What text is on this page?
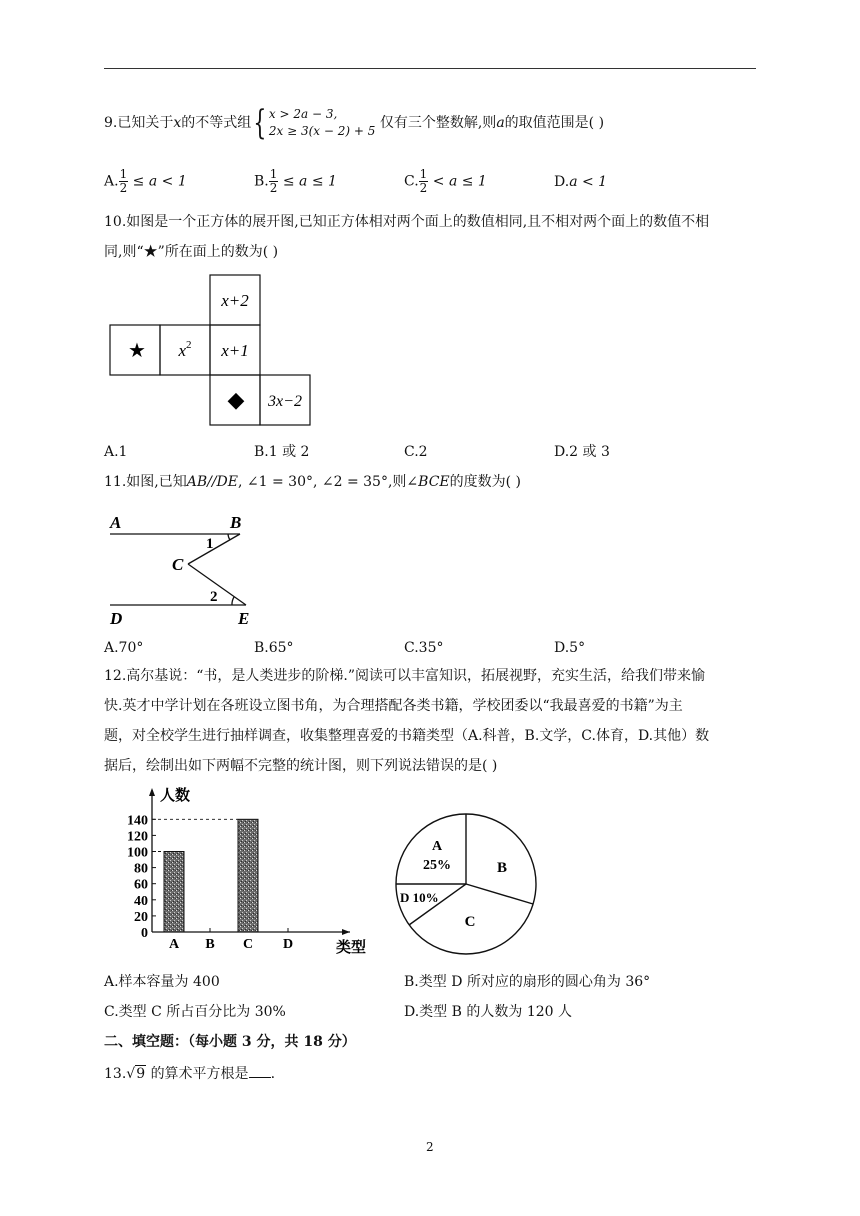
9.已知关于x的不等式组{ x > 2a − 3,
2x ≥ 3(x − 2) + 5 仅有三个整数解,则a的取值范围是( )
A. $\frac{1}{2} \le a < 1$	B. $\frac{1}{2} \le a \le 1$	C. $\frac{1}{2} < a \le 1$	D.a < 1
10.如图是一个正方体的展开图,已知正方体相对两个面上的数值相同,且不相对两个面上的数值不相
同,则“★”所在面上的数为( )
x+2
★ $x^2$ x+1
◆ 3x−2
A.1	B.1 或 2	C.2	D.2 或 3
11.如图,已知AB//DE, ∠1 = 30°, ∠2 = 35°,则∠BCE的度数为( )
A	B
C
D	E
1
2
A.70°	B.65°	C.35°	D.5°
12.高尔基说：“书，是人类进步的阶梯.”阅读可以丰富知识，拓展视野，充实生活，给我们带来愉
快.英才中学计划在各班设立图书角，为合理搭配各类书籍，学校团委以“我最喜爱的书籍”为主
题，对全校学生进行抽样调查，收集整理喜爱的书籍类型（A.科普，B.文学，C.体育，D.其他）数
据后，绘制出如下两幅不完整的统计图，则下列说法错误的是( )
0
20
40
60
80
100
120
140
人数
类型
A B C D
A
25%	B
C
D 10%
A.样本容量为 400	B.类型 D 所对应的扇形的圆心角为 36°
C.类型 C 所占百分比为 30%	D.类型 B 的人数为 120 人
二、填空题：（每小题 3 分，共 18 分）
13.√9 的算术平方根是 .
2
